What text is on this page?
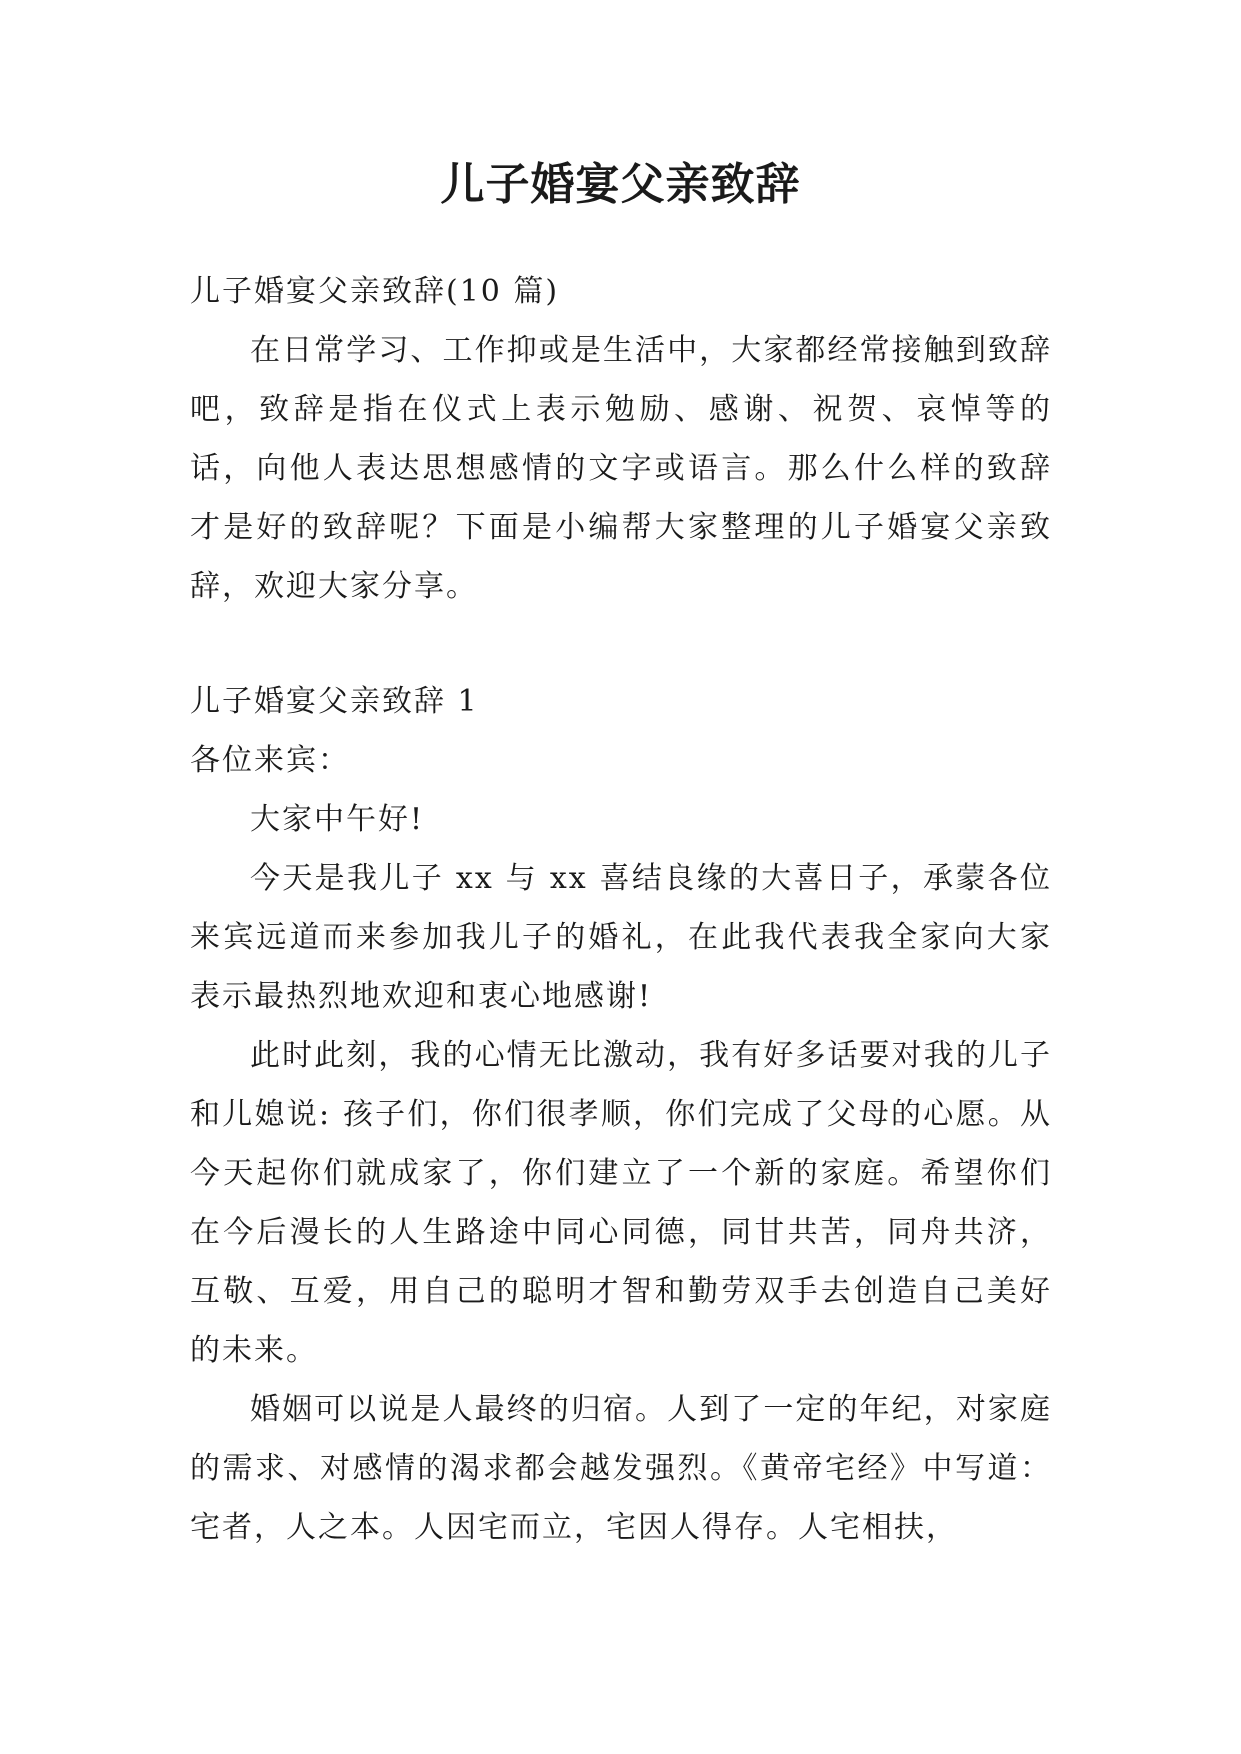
儿子婚宴父亲致辞

儿子婚宴父亲致辞(10 篇)

在日常学习、工作抑或是生活中，大家都经常接触到致辞吧，致辞是指在仪式上表示勉励、感谢、祝贺、哀悼等的话，向他人表达思想感情的文字或语言。那么什么样的致辞才是好的致辞呢？下面是小编帮大家整理的儿子婚宴父亲致辞，欢迎大家分享。

儿子婚宴父亲致辞 1

各位来宾：

大家中午好!

今天是我儿子 xx 与 xx 喜结良缘的大喜日子，承蒙各位来宾远道而来参加我儿子的婚礼，在此我代表我全家向大家表示最热烈地欢迎和衷心地感谢!

此时此刻，我的心情无比激动，我有好多话要对我的儿子和儿媳说: 孩子们，你们很孝顺，你们完成了父母的心愿。从今天起你们就成家了，你们建立了一个新的家庭。希望你们在今后漫长的人生路途中同心同德，同甘共苦，同舟共济，互敬、互爱，用自己的聪明才智和勤劳双手去创造自己美好的未来。

婚姻可以说是人最终的归宿。人到了一定的年纪，对家庭的需求、对感情的渴求都会越发强烈。《黄帝宅经》中写道： 宅者，人之本。人因宅而立，宅因人得存。人宅相扶，
